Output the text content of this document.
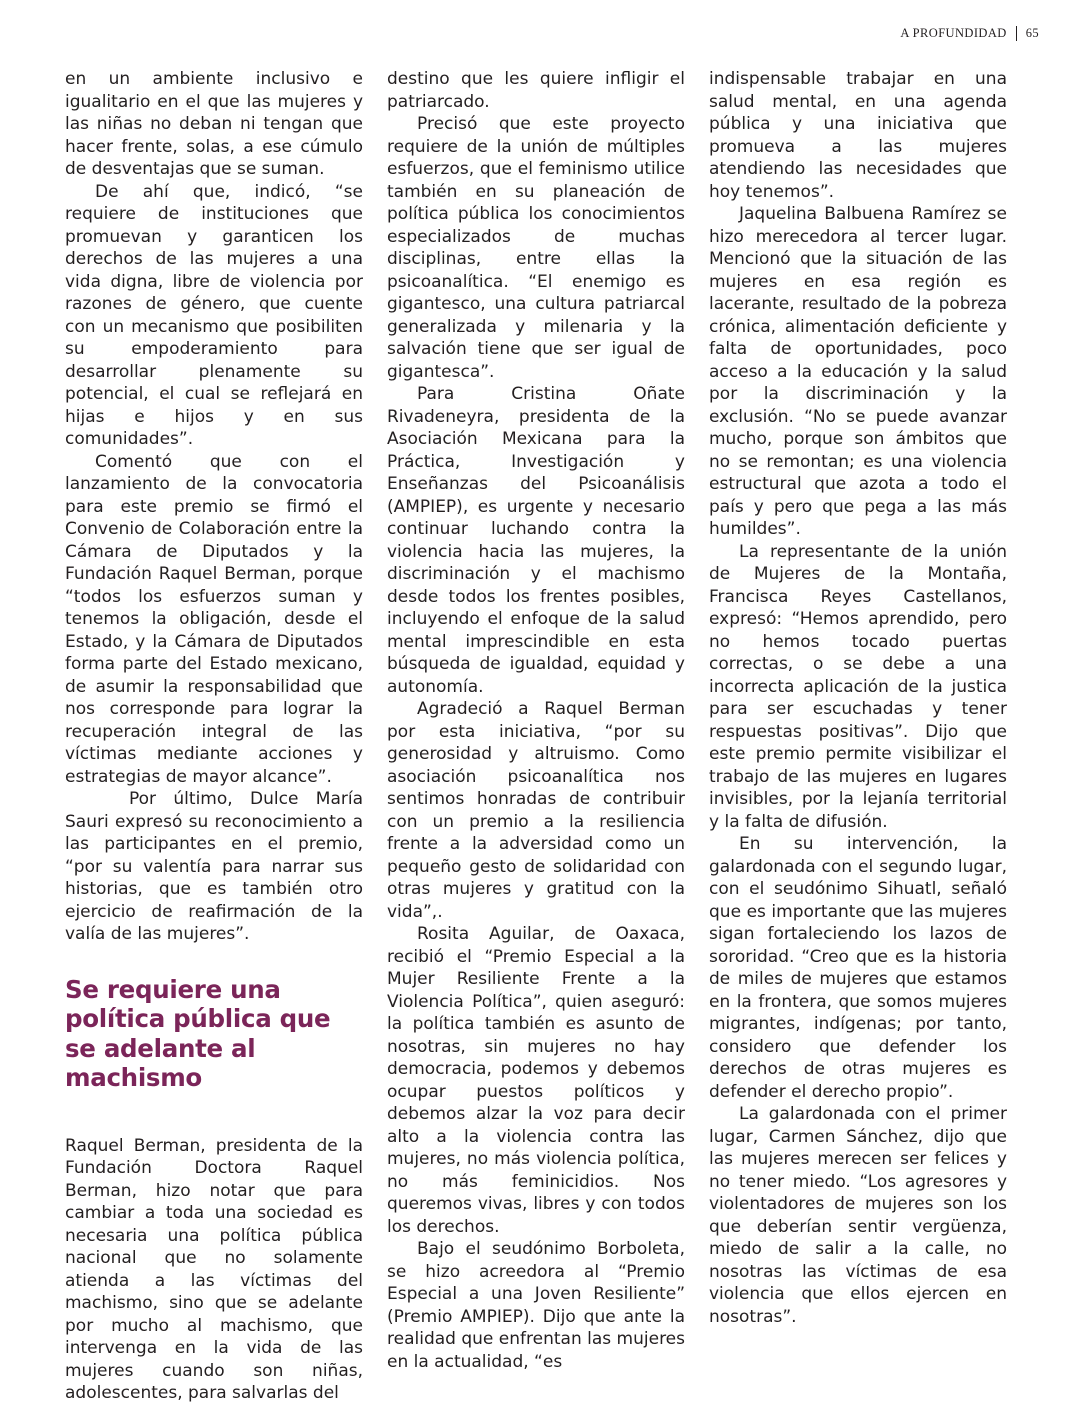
A PROFUNDIDAD 65

en un ambiente inclusivo e igualitario en el que las mujeres y las niñas no deban ni tengan que hacer frente, solas, a ese cúmulo de desventajas que se suman.

De ahí que, indicó, “se requiere de instituciones que promuevan y garanticen los derechos de las mujeres a una vida digna, libre de violencia por razones de género, que cuente con un mecanismo que posibiliten su empoderamiento para desarrollar plenamente su potencial, el cual se reflejará en hijas e hijos y en sus comunidades”.

Comentó que con el lanzamiento de la convocatoria para este premio se firmó el Convenio de Colaboración entre la Cámara de Diputados y la Fundación Raquel Berman, porque “todos los esfuerzos suman y tenemos la obligación, desde el Estado, y la Cámara de Diputados forma parte del Estado mexicano, de asumir la responsabilidad que nos corresponde para lograr la recuperación integral de las víctimas mediante acciones y estrategias de mayor alcance”.

Por último, Dulce María Sauri expresó su reconocimiento a las participantes en el premio, “por su valentía para narrar sus historias, que es también otro ejercicio de reafirmación de la valía de las mujeres”.

Se requiere una política pública que se adelante al machismo

Raquel Berman, presidenta de la Fundación Doctora Raquel Berman, hizo notar que para cambiar a toda una sociedad es necesaria una política pública nacional que no solamente atienda a las víctimas del machismo, sino que se adelante por mucho al machismo, que intervenga en la vida de las mujeres cuando son niñas, adolescentes, para salvarlas del

destino que les quiere infligir el patriarcado.

Precisó que este proyecto requiere de la unión de múltiples esfuerzos, que el feminismo utilice también en su planeación de política pública los conocimientos especializados de muchas disciplinas, entre ellas la psicoanalítica. “El enemigo es gigantesco, una cultura patriarcal generalizada y milenaria y la salvación tiene que ser igual de gigantesca”.

Para Cristina Oñate Rivadeneyra, presidenta de la Asociación Mexicana para la Práctica, Investigación y Enseñanzas del Psicoanálisis (AMPIEP), es urgente y necesario continuar luchando contra la violencia hacia las mujeres, la discriminación y el machismo desde todos los frentes posibles, incluyendo el enfoque de la salud mental imprescindible en esta búsqueda de igualdad, equidad y autonomía.

Agradeció a Raquel Berman por esta iniciativa, “por su generosidad y altruismo. Como asociación psicoanalítica nos sentimos honradas de contribuir con un premio a la resiliencia frente a la adversidad como un pequeño gesto de solidaridad con otras mujeres y gratitud con la vida”,.

Rosita Aguilar, de Oaxaca, recibió el “Premio Especial a la Mujer Resiliente Frente a la Violencia Política”, quien aseguró: la política también es asunto de nosotras, sin mujeres no hay democracia, podemos y debemos ocupar puestos políticos y debemos alzar la voz para decir alto a la violencia contra las mujeres, no más violencia política, no más feminicidios. Nos queremos vivas, libres y con todos los derechos.

Bajo el seudónimo Borboleta, se hizo acreedora al “Premio Especial a una Joven Resiliente” (Premio AMPIEP). Dijo que ante la realidad que enfrentan las mujeres en la actualidad, “es

indispensable trabajar en una salud mental, en una agenda pública y una iniciativa que promueva a las mujeres atendiendo las necesidades que hoy tenemos”.

Jaquelina Balbuena Ramírez se hizo merecedora al tercer lugar. Mencionó que la situación de las mujeres en esa región es lacerante, resultado de la pobreza crónica, alimentación deficiente y falta de oportunidades, poco acceso a la educación y la salud por la discriminación y la exclusión. “No se puede avanzar mucho, porque son ámbitos que no se remontan; es una violencia estructural que azota a todo el país y pero que pega a las más humildes”.

La representante de la unión de Mujeres de la Montaña, Francisca Reyes Castellanos, expresó: “Hemos aprendido, pero no hemos tocado puertas correctas, o se debe a una incorrecta aplicación de la justica para ser escuchadas y tener respuestas positivas”. Dijo que este premio permite visibilizar el trabajo de las mujeres en lugares invisibles, por la lejanía territorial y la falta de difusión.

En su intervención, la galardonada con el segundo lugar, con el seudónimo Sihuatl, señaló que es importante que las mujeres sigan fortaleciendo los lazos de sororidad. “Creo que es la historia de miles de mujeres que estamos en la frontera, que somos mujeres migrantes, indígenas; por tanto, considero que defender los derechos de otras mujeres es defender el derecho propio”.

La galardonada con el primer lugar, Carmen Sánchez, dijo que las mujeres merecen ser felices y no tener miedo. “Los agresores y violentadores de mujeres son los que deberían sentir vergüenza, miedo de salir a la calle, no nosotras las víctimas de esa violencia que ellos ejercen en nosotras”.
